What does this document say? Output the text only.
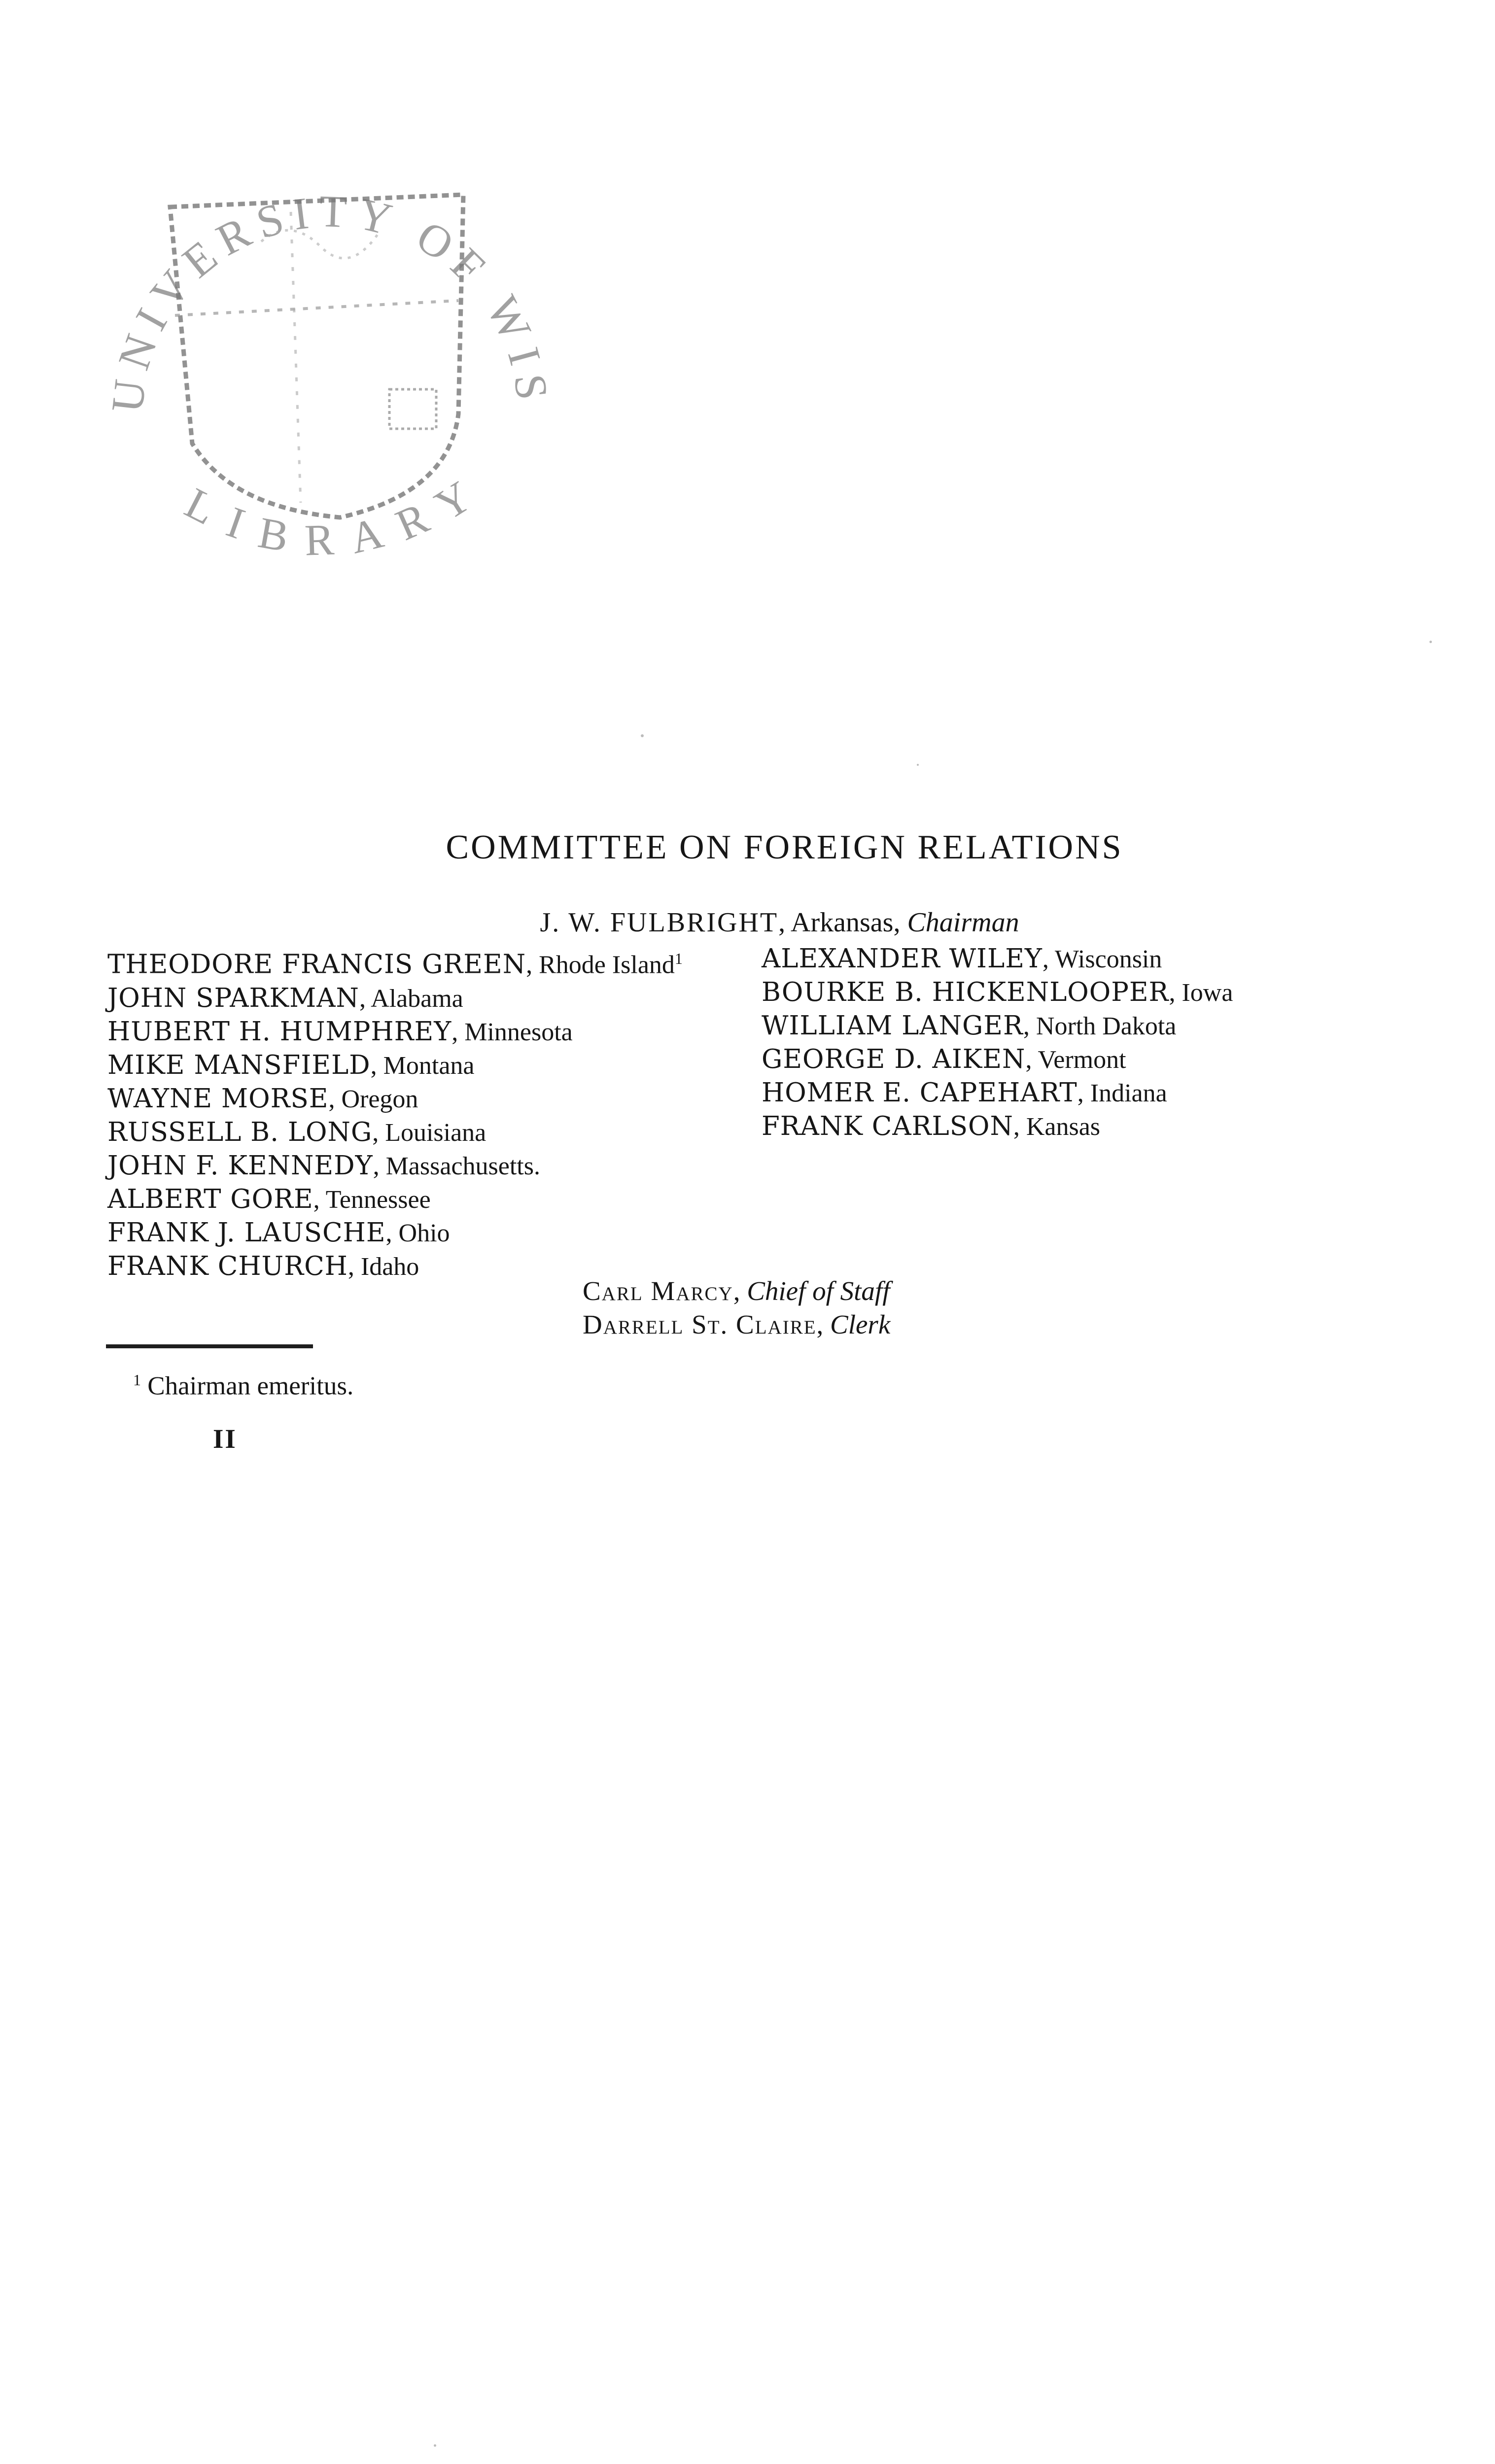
UNIVERSITY OF WIS
LIBRARY
COMMITTEE ON FOREIGN RELATIONS
J. W. FULBRIGHT, Arkansas, Chairman
THEODORE FRANCIS GREEN, Rhode Island$^1$
JOHN SPARKMAN, Alabama
HUBERT H. HUMPHREY, Minnesota
MIKE MANSFIELD, Montana
WAYNE MORSE, Oregon
RUSSELL B. LONG, Louisiana
JOHN F. KENNEDY, Massachusetts.
ALBERT GORE, Tennessee
FRANK J. LAUSCHE, Ohio
FRANK CHURCH, Idaho
ALEXANDER WILEY, Wisconsin
BOURKE B. HICKENLOOPER, Iowa
WILLIAM LANGER, North Dakota
GEORGE D. AIKEN, Vermont
HOMER E. CAPEHART, Indiana
FRANK CARLSON, Kansas
Carl Marcy, Chief of Staff
Darrell St. Claire, Clerk
$^1$ Chairman emeritus.
II
